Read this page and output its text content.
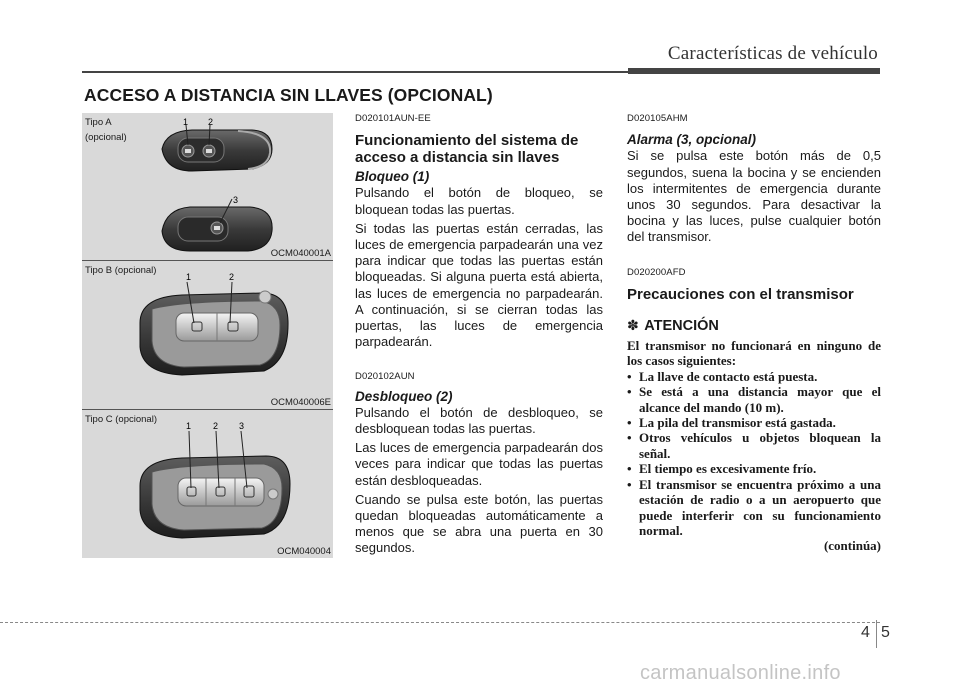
Características de vehículo
ACCESO A DISTANCIA SIN LLAVES (OPCIONAL)
1 2
3
Tipo A
(opcional)
OCM040001A
1	2
Tipo B (opcional)
OCM040006E
1 2 3
Tipo C (opcional)
OCM040004

D020101AUN-EE

Funcionamiento del sistema de acceso a distancia sin llaves

Bloqueo (1)

Pulsando el botón de bloqueo, se bloquean todas las puertas.

Si todas las puertas están cerradas, las luces de emergencia parpadearán una vez para indicar que todas las puertas están bloqueadas. Si alguna puerta está abierta, las luces de emergencia no parpadearán. A continuación, si se cierran todas las puertas, las luces de emergencia parpadearán.

D020102AUN

Desbloqueo (2)

Pulsando el botón de desbloqueo, se desbloquean todas las puertas.

Las luces de emergencia parpadearán dos veces para indicar que todas las puertas están desbloqueadas.

Cuando se pulsa este botón, las puertas quedan bloqueadas automáticamente a menos que se abra una puerta en 30 segundos.

D020105AHM

Alarma (3, opcional)

Si se pulsa este botón más de 0,5 segundos, suena la bocina y se encienden los intermitentes de emergencia durante unos 30 segundos. Para desactivar la bocina y las luces, pulse cualquier botón del transmisor.

D020200AFD

Precauciones con el transmisor

✽ ATENCIÓN

El transmisor no funcionará en ninguno de los casos siguientes:

• La llave de contacto está puesta.

• Se está a una distancia mayor que el alcance del mando (10 m).

• La pila del transmisor está gastada.

• Otros vehículos u objetos bloquean la señal.

• El tiempo es excesivamente frío.

• El transmisor se encuentra próximo a una estación de radio o a un aeropuerto que puede interferir con su funcionamiento normal.

(continúa)

4 5
carmanualsonline.info
